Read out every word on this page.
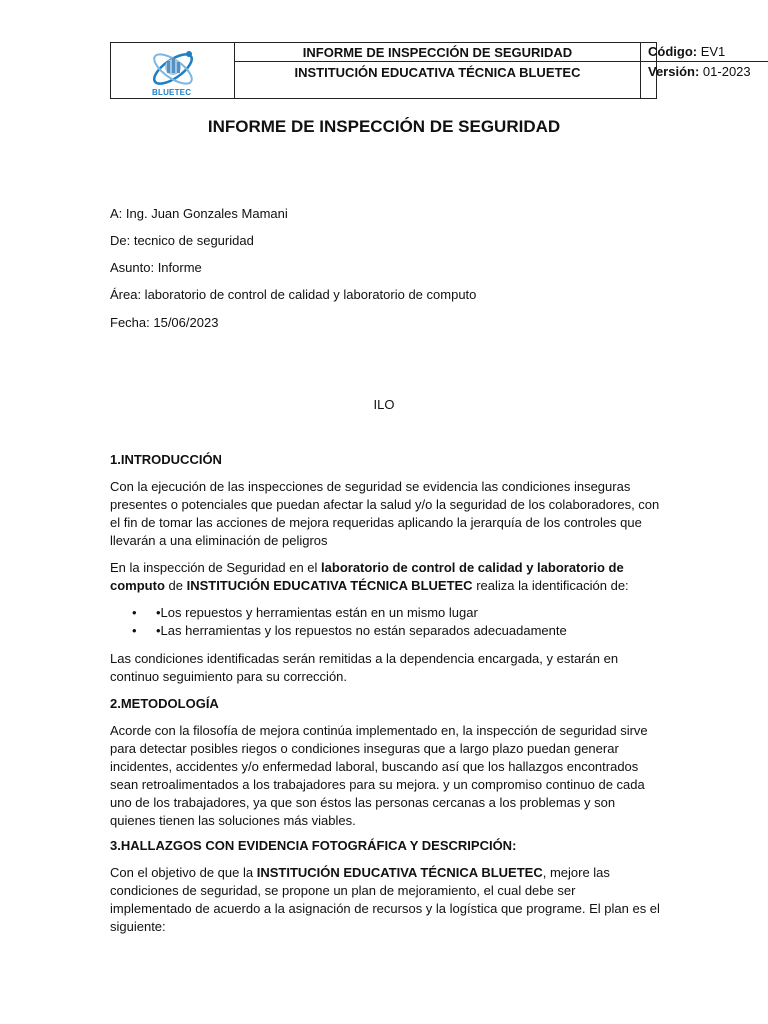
BLUETEC
INFORME DE INSPECCIÓN DE SEGURIDAD
INSTITUCIÓN EDUCATIVA TÉCNICA BLUETEC
Código: EV1
Versión: 01-2023
INFORME DE INSPECCIÓN DE SEGURIDAD
A: Ing. Juan Gonzales Mamani
De: tecnico de seguridad
Asunto: Informe
Área: laboratorio de control de calidad y laboratorio de computo
Fecha: 15/06/2023
ILO
1.INTRODUCCIÓN
Con la ejecución de las inspecciones de seguridad se evidencia las condiciones inseguras presentes o potenciales que puedan afectar la salud y/o la seguridad de los colaboradores, con el fin de tomar las acciones de mejora requeridas aplicando la jerarquía de los controles que llevarán a una eliminación de peligros
En la inspección de Seguridad en el laboratorio de control de calidad y laboratorio de computo de INSTITUCIÓN EDUCATIVA TÉCNICA BLUETEC realiza la identificación de:
• •Los repuestos y herramientas están en un mismo lugar
• •Las herramientas y los repuestos no están separados adecuadamente
Las condiciones identificadas serán remitidas a la dependencia encargada, y estarán en continuo seguimiento para su corrección.
2.METODOLOGÍA
Acorde con la filosofía de mejora continúa implementado en, la inspección de seguridad sirve para detectar posibles riegos o condiciones inseguras que a largo plazo puedan generar incidentes, accidentes y/o enfermedad laboral, buscando así que los hallazgos encontrados sean retroalimentados a los trabajadores para su mejora. y un compromiso continuo de cada uno de los trabajadores, ya que son éstos las personas cercanas a los problemas y son quienes tienen las soluciones más viables.
3.HALLAZGOS CON EVIDENCIA FOTOGRÁFICA Y DESCRIPCIÓN:
Con el objetivo de que la INSTITUCIÓN EDUCATIVA TÉCNICA BLUETEC, mejore las condiciones de seguridad, se propone un plan de mejoramiento, el cual debe ser implementado de acuerdo a la asignación de recursos y la logística que programe. El plan es el siguiente:
